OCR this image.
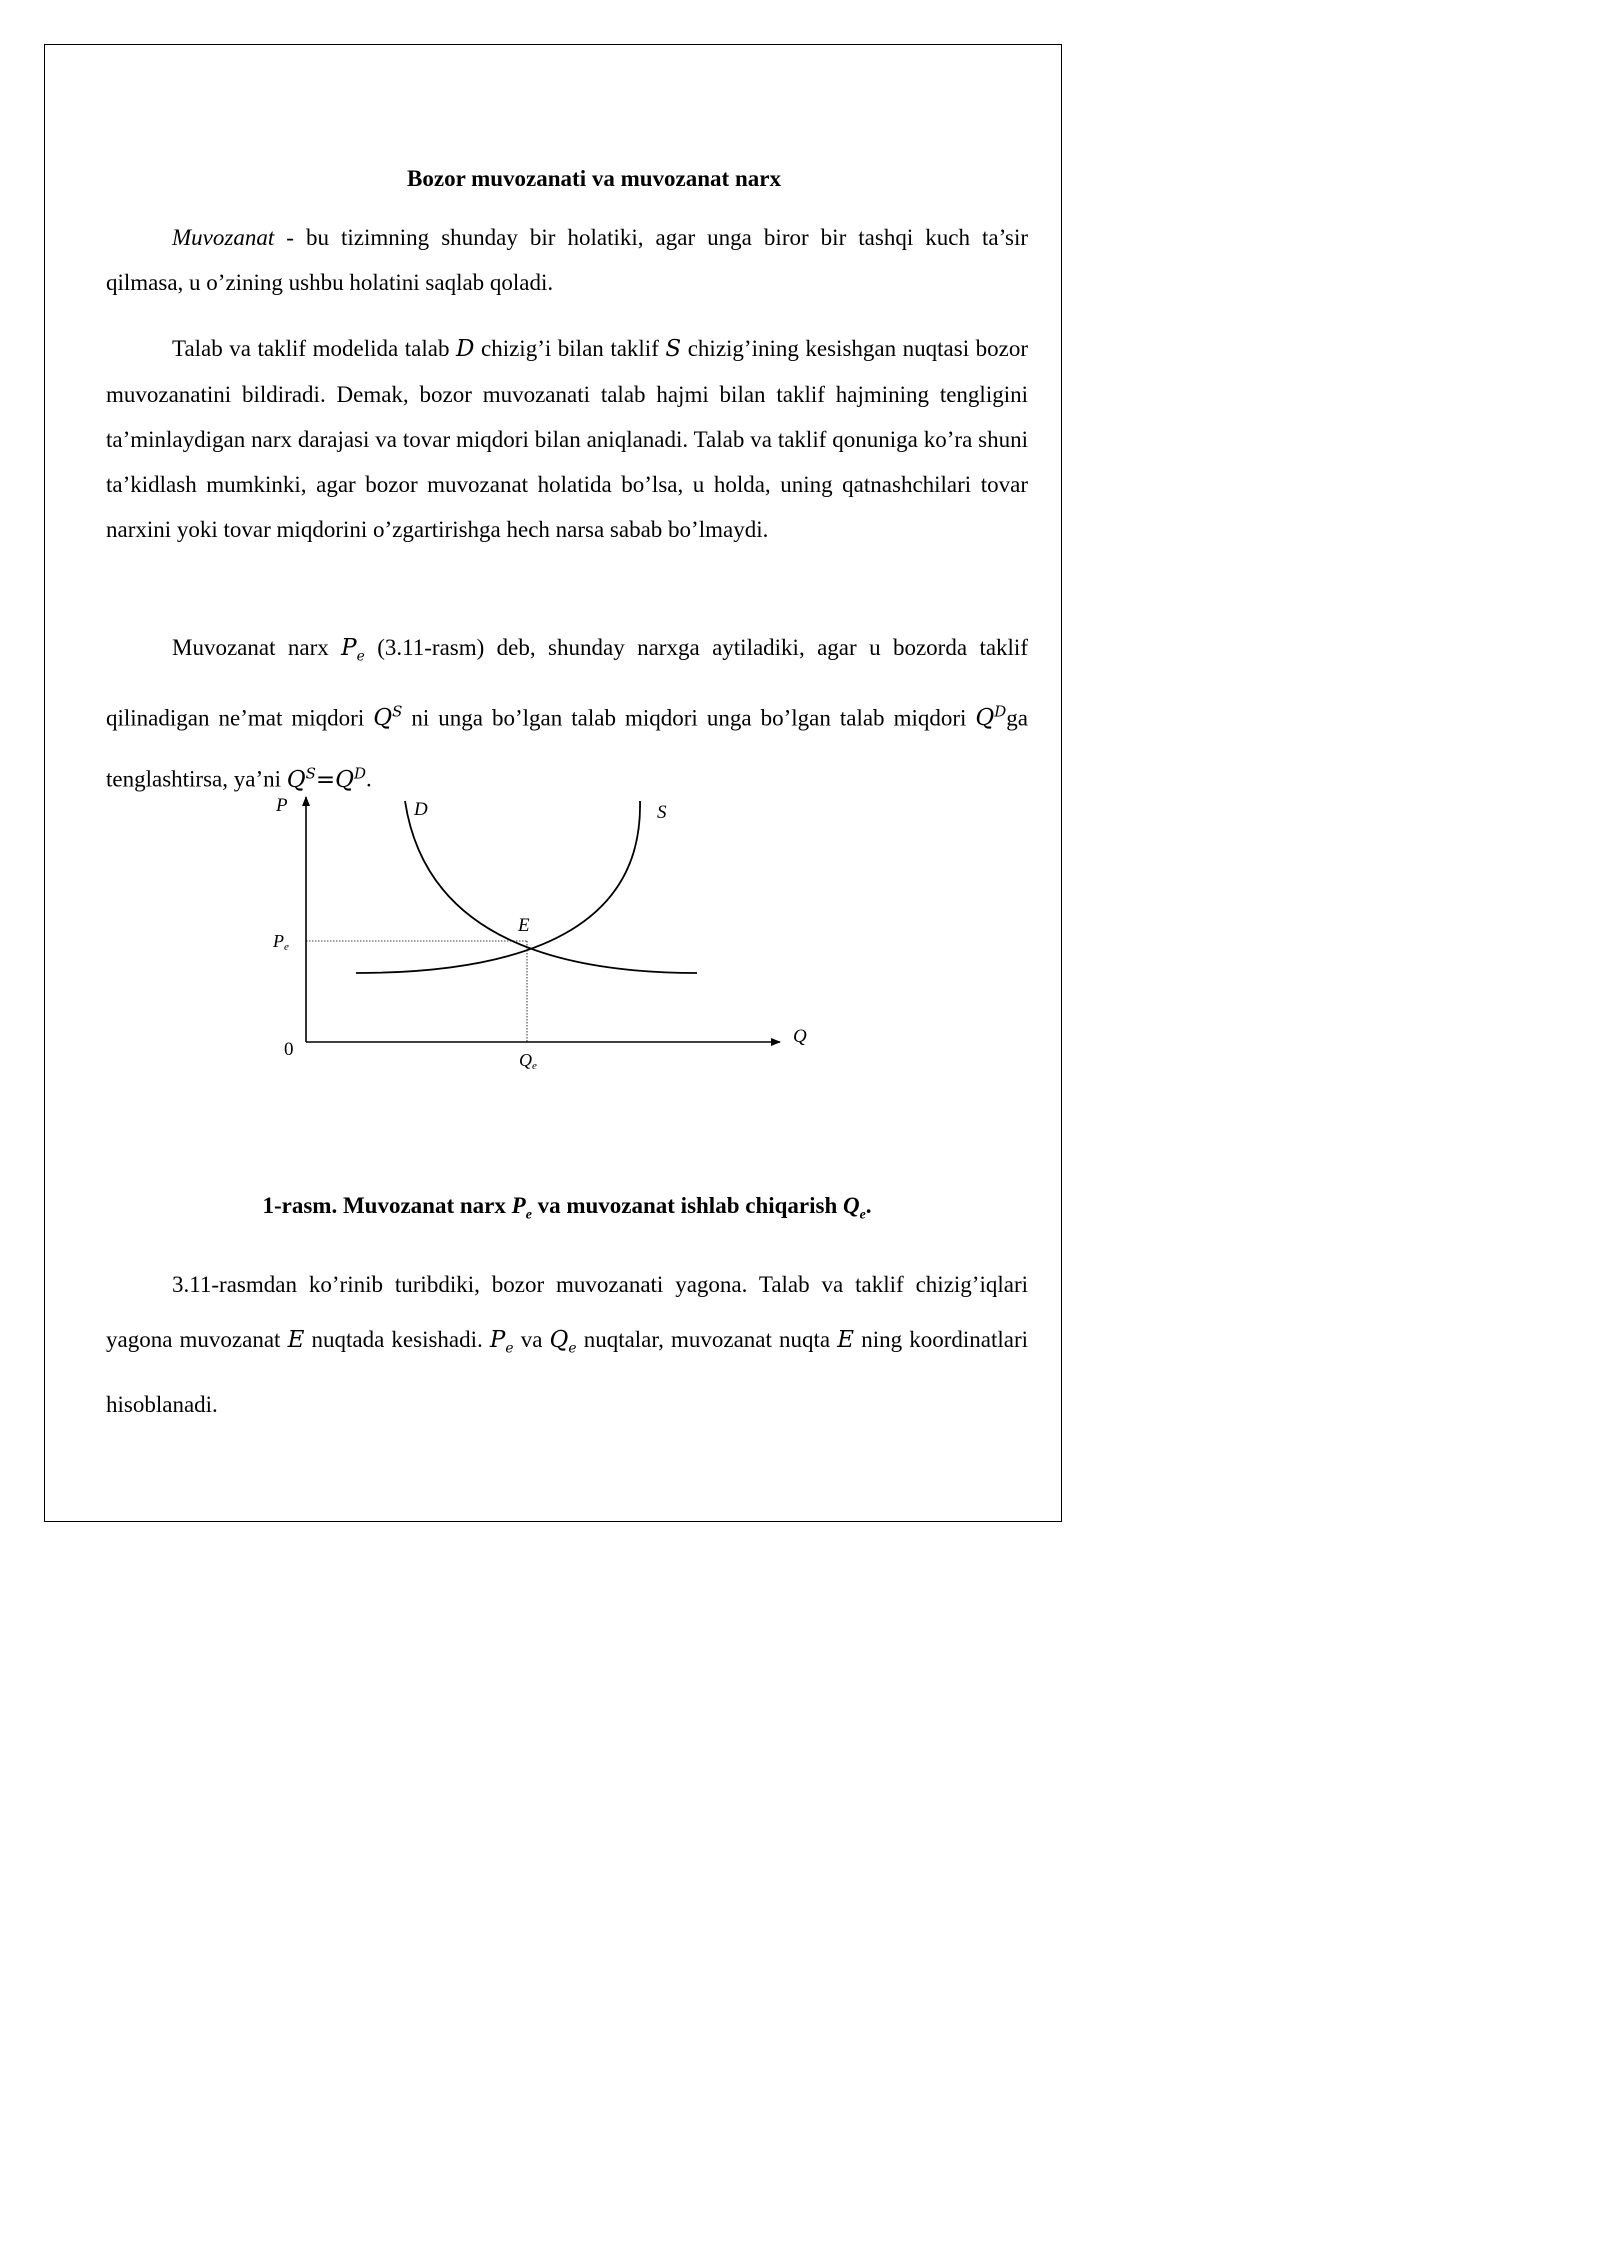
Bozor muvozanati va muvozanat narx
Muvozanat - bu tizimning shunday bir holatiki, agar unga biror bir tashqi kuch ta’sir qilmasa, u o’zining ushbu holatini saqlab qoladi.
Talab va taklif modelida talab D chizig’i bilan taklif S chizig’ining kesishgan nuqtasi bozor muvozanatini bildiradi. Demak, bozor muvozanati talab hajmi bilan taklif hajmining tengligini ta’minlaydigan narx darajasi va tovar miqdori bilan aniqlanadi. Talab va taklif qonuniga ko’ra shuni ta’kidlash mumkinki, agar bozor muvozanat holatida bo’lsa, u holda, uning qatnashchilari tovar narxini yoki tovar miqdorini o’zgartirishga hech narsa sabab bo’lmaydi.
Muvozanat narx $P_e$ (3.11-rasm) deb, shunday narxga aytiladiki, agar u bozorda taklif qilinadigan ne’mat miqdori $Q^S$ ni unga bo’lgan talab miqdori unga bo’lgan talab miqdori $Q^Dga$ tenglashtirsa, ya’ni $Q^S=Q^D$.
P
Q
0
D	S
E
Pe
Qe
1-rasm. Muvozanat narx $P_e$ va muvozanat ishlab chiqarish $Q_e$.
3.11-rasmdan ko’rinib turibdiki, bozor muvozanati yagona. Talab va taklif chizig’iqlari yagona muvozanat E nuqtada kesishadi. $P_e$ va $Q_e$ nuqtalar, muvozanat nuqta E ning koordinatlari hisoblanadi.
